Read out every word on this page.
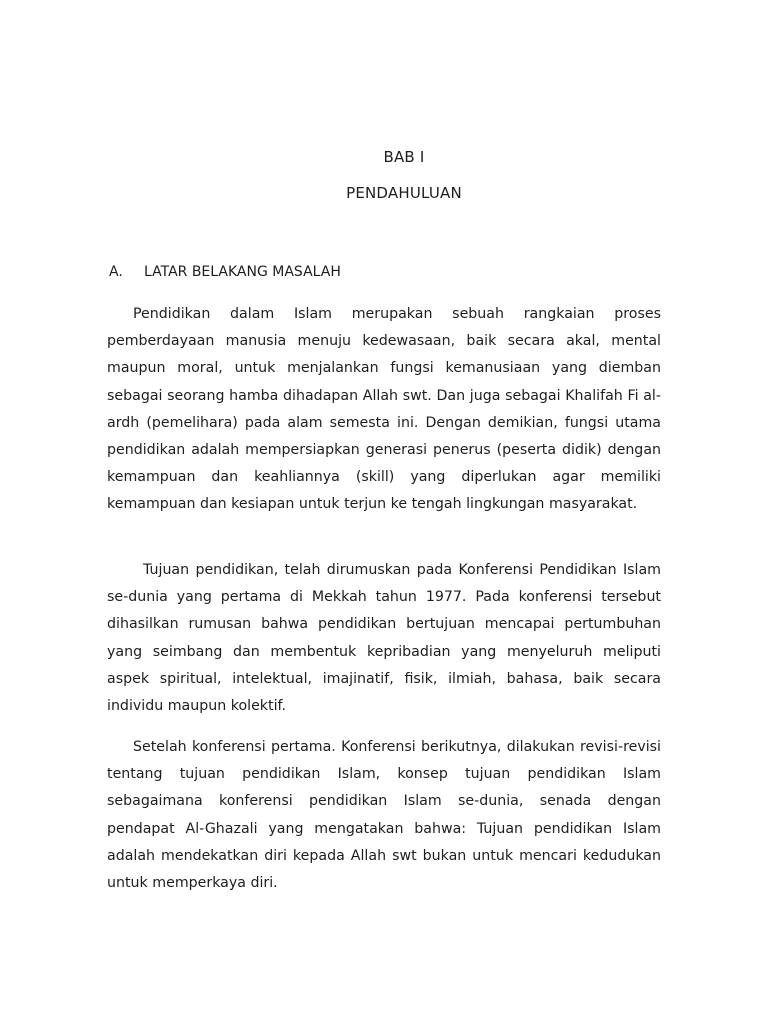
BAB I
PENDAHULUAN
A.	LATAR BELAKANG MASALAH

Pendidikan dalam Islam merupakan sebuah rangkaian proses pemberdayaan manusia menuju kedewasaan, baik secara akal, mental maupun moral, untuk menjalankan fungsi kemanusiaan yang diemban sebagai seorang hamba dihadapan Allah swt. Dan juga sebagai Khalifah Fi al-ardh (pemelihara) pada alam semesta ini. Dengan demikian, fungsi utama pendidikan adalah mempersiapkan generasi penerus (peserta didik) dengan kemampuan dan keahliannya (skill) yang diperlukan agar memiliki kemampuan dan kesiapan untuk terjun ke tengah lingkungan masyarakat.

Tujuan pendidikan, telah dirumuskan pada Konferensi Pendidikan Islam se-dunia yang pertama di Mekkah tahun 1977. Pada konferensi tersebut dihasilkan rumusan bahwa pendidikan bertujuan mencapai pertumbuhan yang seimbang dan membentuk kepribadian yang menyeluruh meliputi aspek spiritual, intelektual, imajinatif, fisik, ilmiah, bahasa, baik secara individu maupun kolektif.

Setelah konferensi pertama. Konferensi berikutnya, dilakukan revisi-revisi tentang tujuan pendidikan Islam, konsep tujuan pendidikan Islam sebagaimana konferensi pendidikan Islam se-dunia, senada dengan pendapat Al-Ghazali yang mengatakan bahwa: Tujuan pendidikan Islam adalah mendekatkan diri kepada Allah swt bukan untuk mencari kedudukan untuk memperkaya diri.
